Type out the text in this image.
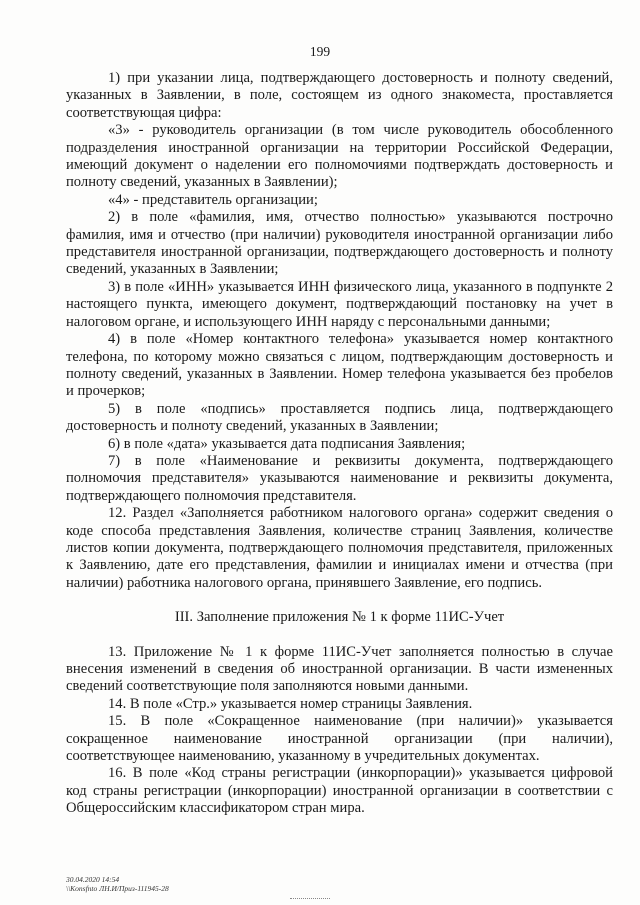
199

1) при указании лица, подтверждающего достоверность и полноту сведений, указанных в Заявлении, в поле, состоящем из одного знакоместа, проставляется соответствующая цифра:

«3» - руководитель организации (в том числе руководитель обособленного подразделения иностранной организации на территории Российской Федерации, имеющий документ о наделении его полномочиями подтверждать достоверность и полноту сведений, указанных в Заявлении);

«4» - представитель организации;

2) в поле «фамилия, имя, отчество полностью» указываются построчно фамилия, имя и отчество (при наличии) руководителя иностранной организации либо представителя иностранной организации, подтверждающего достоверность и полноту сведений, указанных в Заявлении;

3) в поле «ИНН» указывается ИНН физического лица, указанного в подпункте 2 настоящего пункта, имеющего документ, подтверждающий постановку на учет в налоговом органе, и использующего ИНН наряду с персональными данными;

4) в поле «Номер контактного телефона» указывается номер контактного телефона, по которому можно связаться с лицом, подтверждающим достоверность и полноту сведений, указанных в Заявлении. Номер телефона указывается без пробелов и прочерков;

5) в поле «подпись» проставляется подпись лица, подтверждающего достоверность и полноту сведений, указанных в Заявлении;

6) в поле «дата» указывается дата подписания Заявления;

7) в поле «Наименование и реквизиты документа, подтверждающего полномочия представителя» указываются наименование и реквизиты документа, подтверждающего полномочия представителя.

12. Раздел «Заполняется работником налогового органа» содержит сведения о коде способа представления Заявления, количестве страниц Заявления, количестве листов копии документа, подтверждающего полномочия представителя, приложенных к Заявлению, дате его представления, фамилии и инициалах имени и отчества (при наличии) работника налогового органа, принявшего Заявление, его подпись.

III. Заполнение приложения № 1 к форме 11ИС-Учет

13. Приложение № 1 к форме 11ИС-Учет заполняется полностью в случае внесения изменений в сведения об иностранной организации. В части измененных сведений соответствующие поля заполняются новыми данными.

14. В поле «Стр.» указывается номер страницы Заявления.

15. В поле «Сокращенное наименование (при наличии)» указывается сокращенное наименование иностранной организации (при наличии), соответствующее наименованию, указанному в учредительных документах.

16. В поле «Код страны регистрации (инкорпорации)» указывается цифровой код страны регистрации (инкорпорации) иностранной организации в соответствии с Общероссийским классификатором стран мира.

30.04.2020 14:54
\\Konsfnto ЛН.И/Приз-111945-28
